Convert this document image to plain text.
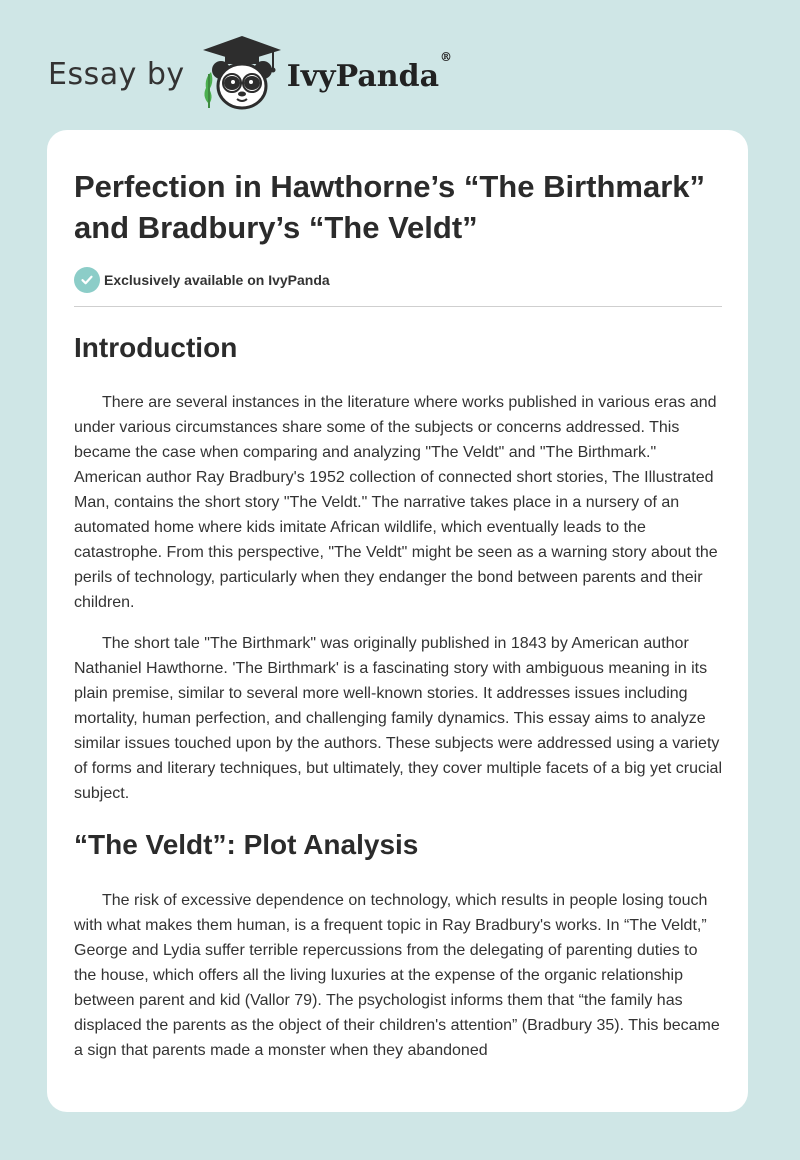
Essay by	IvyPanda®
Perfection in Hawthorne’s “The Birthmark” and Bradbury’s “The Veldt”
Exclusively available on IvyPanda
Introduction

There are several instances in the literature where works published in various eras and under various circumstances share some of the subjects or concerns addressed. This became the case when comparing and analyzing "The Veldt" and "The Birthmark." American author Ray Bradbury's 1952 collection of connected short stories, The Illustrated Man, contains the short story "The Veldt." The narrative takes place in a nursery of an automated home where kids imitate African wildlife, which eventually leads to the catastrophe. From this perspective, "The Veldt" might be seen as a warning story about the perils of technology, particularly when they endanger the bond between parents and their children.

The short tale "The Birthmark" was originally published in 1843 by American author Nathaniel Hawthorne. 'The Birthmark' is a fascinating story with ambiguous meaning in its plain premise, similar to several more well-known stories. It addresses issues including mortality, human perfection, and challenging family dynamics. This essay aims to analyze similar issues touched upon by the authors. These subjects were addressed using a variety of forms and literary techniques, but ultimately, they cover multiple facets of a big yet crucial subject.

“The Veldt”: Plot Analysis

The risk of excessive dependence on technology, which results in people losing touch with what makes them human, is a frequent topic in Ray Bradbury's works. In “The Veldt,” George and Lydia suffer terrible repercussions from the delegating of parenting duties to the house, which offers all the living luxuries at the expense of the organic relationship between parent and kid (Vallor 79). The psychologist informs them that “the family has displaced the parents as the object of their children's attention” (Bradbury 35). This became a sign that parents made a monster when they abandoned
